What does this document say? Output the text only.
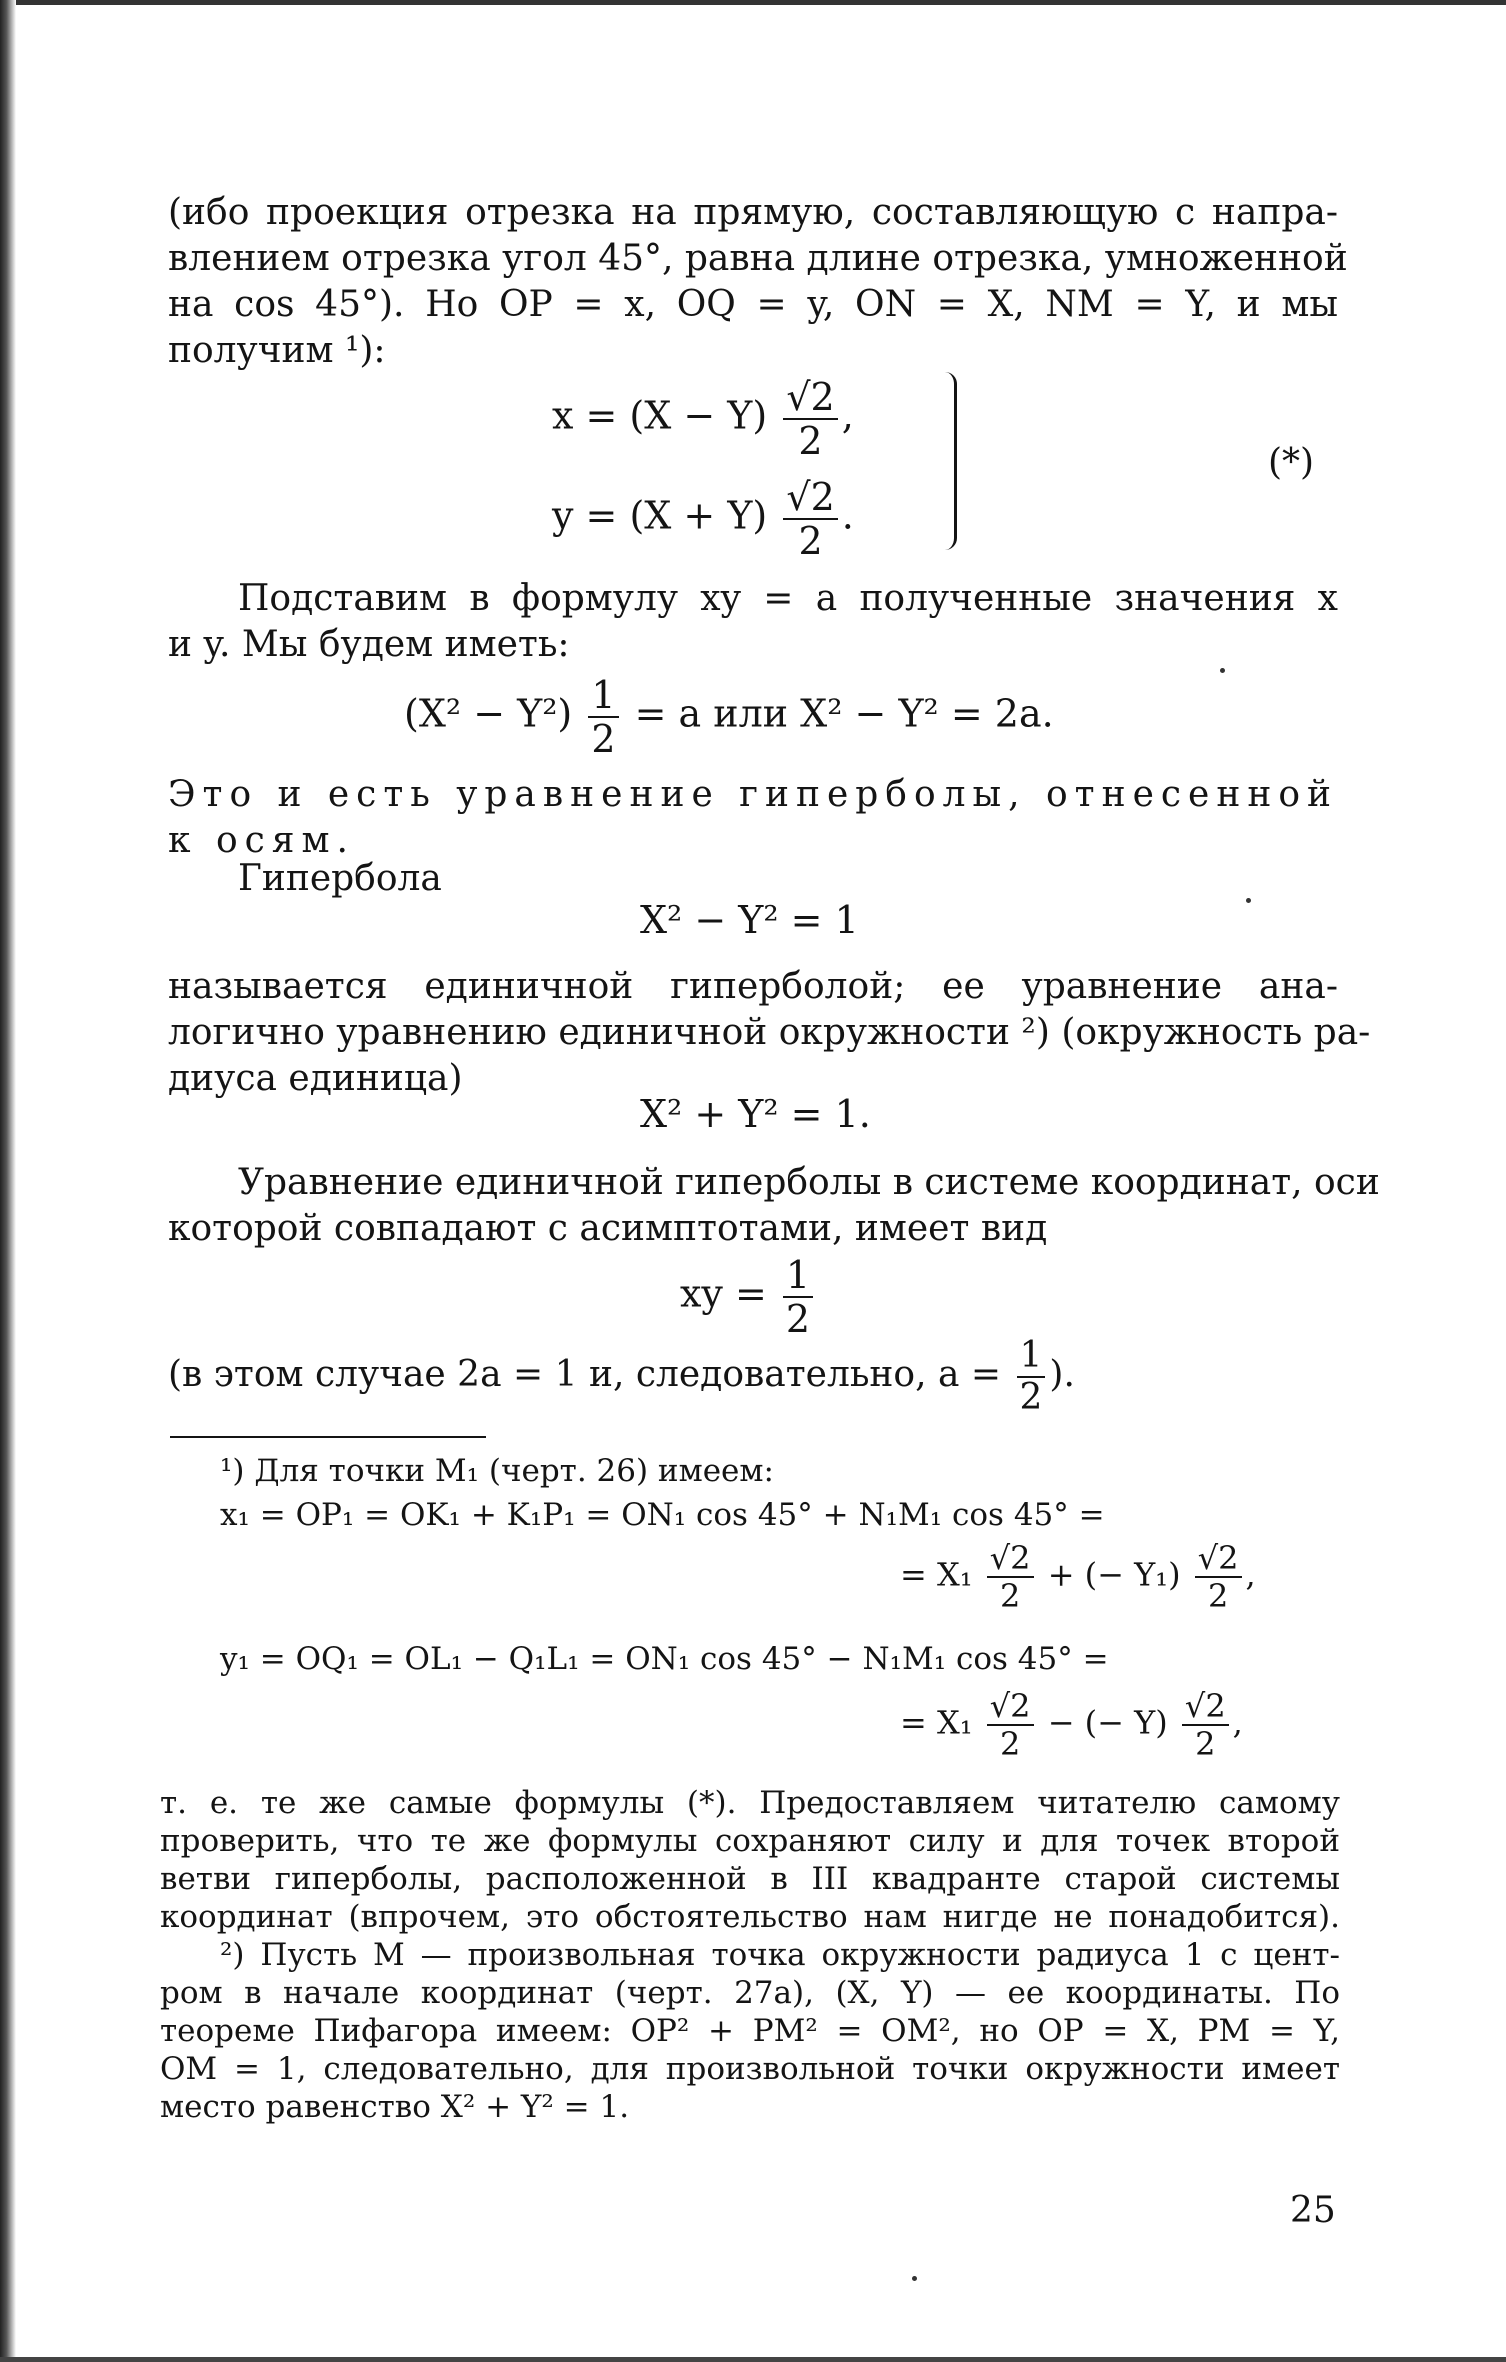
(ибо проекция отрезка на прямую, составляющую с напра-
влением отрезка угол 45°, равна длине отрезка, умноженной
на cos 45°). Но OP = x, OQ = y, ON = X, NM = Y, и мы
получим ¹):
$x = (X - Y) \frac{√2}{2}$ ,
$y = (X + Y) \frac{√2}{2}$ .
(*)
Подставим в формулу xy = a полученные значения x
и y. Мы будем иметь:
$(X^2 - Y^2) \frac{1}{2} = a$ или X² − Y² = 2a.
Это и есть уравнение гиперболы, отнесенной
к осям.
Гипербола
X² − Y² = 1
называется единичной гиперболой; ее уравнение ана-
логично уравнению единичной окружности ²) (окружность ра-
диуса единица)
X² + Y² = 1.
Уравнение единичной гиперболы в системе координат, оси
которой совпадают с асимптотами, имеет вид
xy = $\frac{1}{2}$
(в этом случае 2a = 1 и, следовательно, $a = \frac{1}{2}$ ).
¹) Для точки M₁ (черт. 26) имеем:
x₁ = OP₁ = OK₁ + K₁P₁ = ON₁ cos 45° + N₁M₁ cos 45° =
= $X_1 \frac{√2}{2}$ + (− $Y_1) \frac{√2}{2}$ ,
y₁ = OQ₁ = OL₁ − Q₁L₁ = ON₁ cos 45° − N₁M₁ cos 45° =
= $X_1 \frac{√2}{2}$ − (− $Y) \frac{√2}{2}$ ,
т. е. те же самые формулы (*). Предоставляем читателю самому
проверить, что те же формулы сохраняют силу и для точек второй
ветви гиперболы, расположенной в III квадранте старой системы
координат (впрочем, это обстоятельство нам нигде не понадобится).
²) Пусть M — произвольная точка окружности радиуса 1 с цент-
ром в начале координат (черт. 27а), (X, Y) — ее координаты. По
теореме Пифагора имеем: OP² + PM² = OM², но OP = X, PM = Y,
OM = 1, следовательно, для произвольной точки окружности имеет
место равенство X² + Y² = 1.
25
